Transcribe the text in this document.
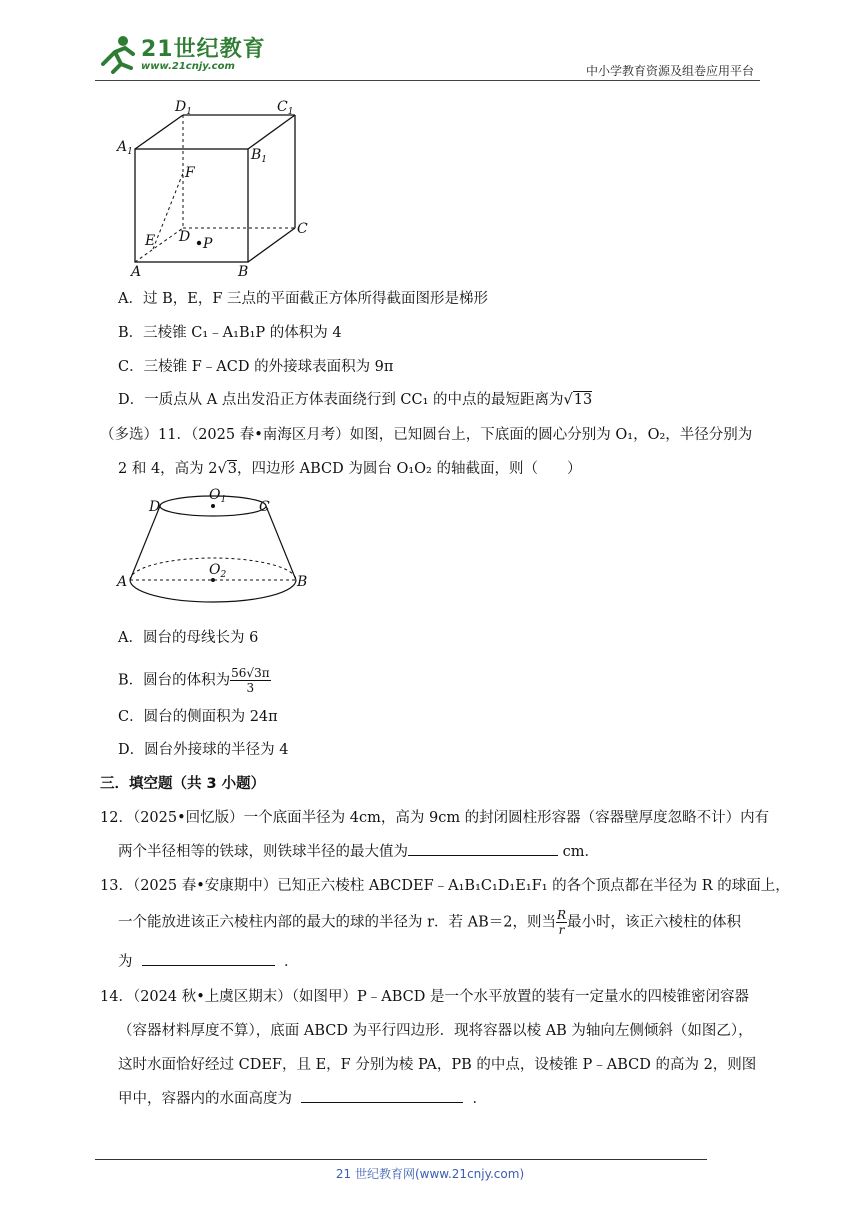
21世纪教育
www.21cnjy.com	中小学教育资源及组卷应用平台
$D_1$	$C_1$
$A_1$	$B_1$
F
E D P
C
A	B
A．过 B，E，F 三点的平面截正方体所得截面图形是梯形
B．三棱锥 C₁﹣A₁B₁P 的体积为 4
C．三棱锥 F﹣ACD 的外接球表面积为 9π
D．一质点从 A 点出发沿正方体表面绕行到 CC₁ 的中点的最短距离为√13
（多选）11．（2025 春•南海区月考）如图，已知圆台上，下底面的圆心分别为 O₁，O₂，半径分别为
2 和 4，高为 2√3，四边形 ABCD 为圆台 O₁O₂ 的轴截面，则（　　）
D	C
$O_1$
$O_2$
A	B
A．圆台的母线长为 6
B．圆台的体积为 $\frac{56√3\pi}{3}$
C．圆台的侧面积为 24π
D．圆台外接球的半径为 4
三．填空题（共 3 小题）
12．（2025•回忆版）一个底面半径为 4cm，高为 9cm 的封闭圆柱形容器（容器壁厚度忽略不计）内有
两个半径相等的铁球，则铁球半径的最大值为	cm．
13．（2025 春•安康期中）已知正六棱柱 ABCDEF﹣A₁B₁C₁D₁E₁F₁ 的各个顶点都在半径为 R 的球面上，
一个能放进该正六棱柱内部的最大的球的半径为 r．若 AB＝2，则当 $\frac{R}{r}$ 最小时，该正六棱柱的体积
为	．
14．（2024 秋•上虞区期末）（如图甲）P﹣ABCD 是一个水平放置的装有一定量水的四棱锥密闭容器
（容器材料厚度不算），底面 ABCD 为平行四边形．现将容器以棱 AB 为轴向左侧倾斜（如图乙），
这时水面恰好经过 CDEF，且 E，F 分别为棱 PA，PB 的中点，设棱锥 P﹣ABCD 的高为 2，则图
甲中，容器内的水面高度为	．
21 世纪教育网(www.21cnjy.com)
